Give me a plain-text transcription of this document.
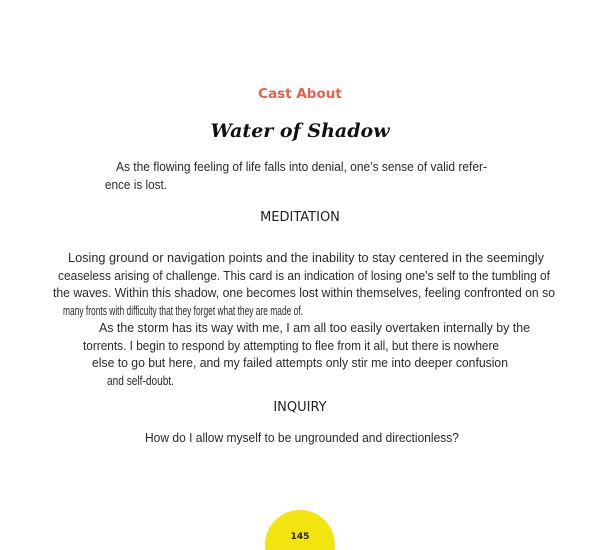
Cast About
Water of Shadow
As the flowing feeling of life falls into denial, one’s sense of valid refer-
ence is lost.
MEDITATION
Losing ground or navigation points and the inability to stay centered in the seemingly
ceaseless arising of challenge. This card is an indication of losing one’s self to the tumbling of
the waves. Within this shadow, one becomes lost within themselves, feeling confronted on so
many fronts with difficulty that they forget what they are made of.
As the storm has its way with me, I am all too easily overtaken internally by the
torrents. I begin to respond by attempting to flee from it all, but there is nowhere
else to go but here, and my failed attempts only stir me into deeper confusion
and self-doubt.
INQUIRY
How do I allow myself to be ungrounded and directionless?
145
